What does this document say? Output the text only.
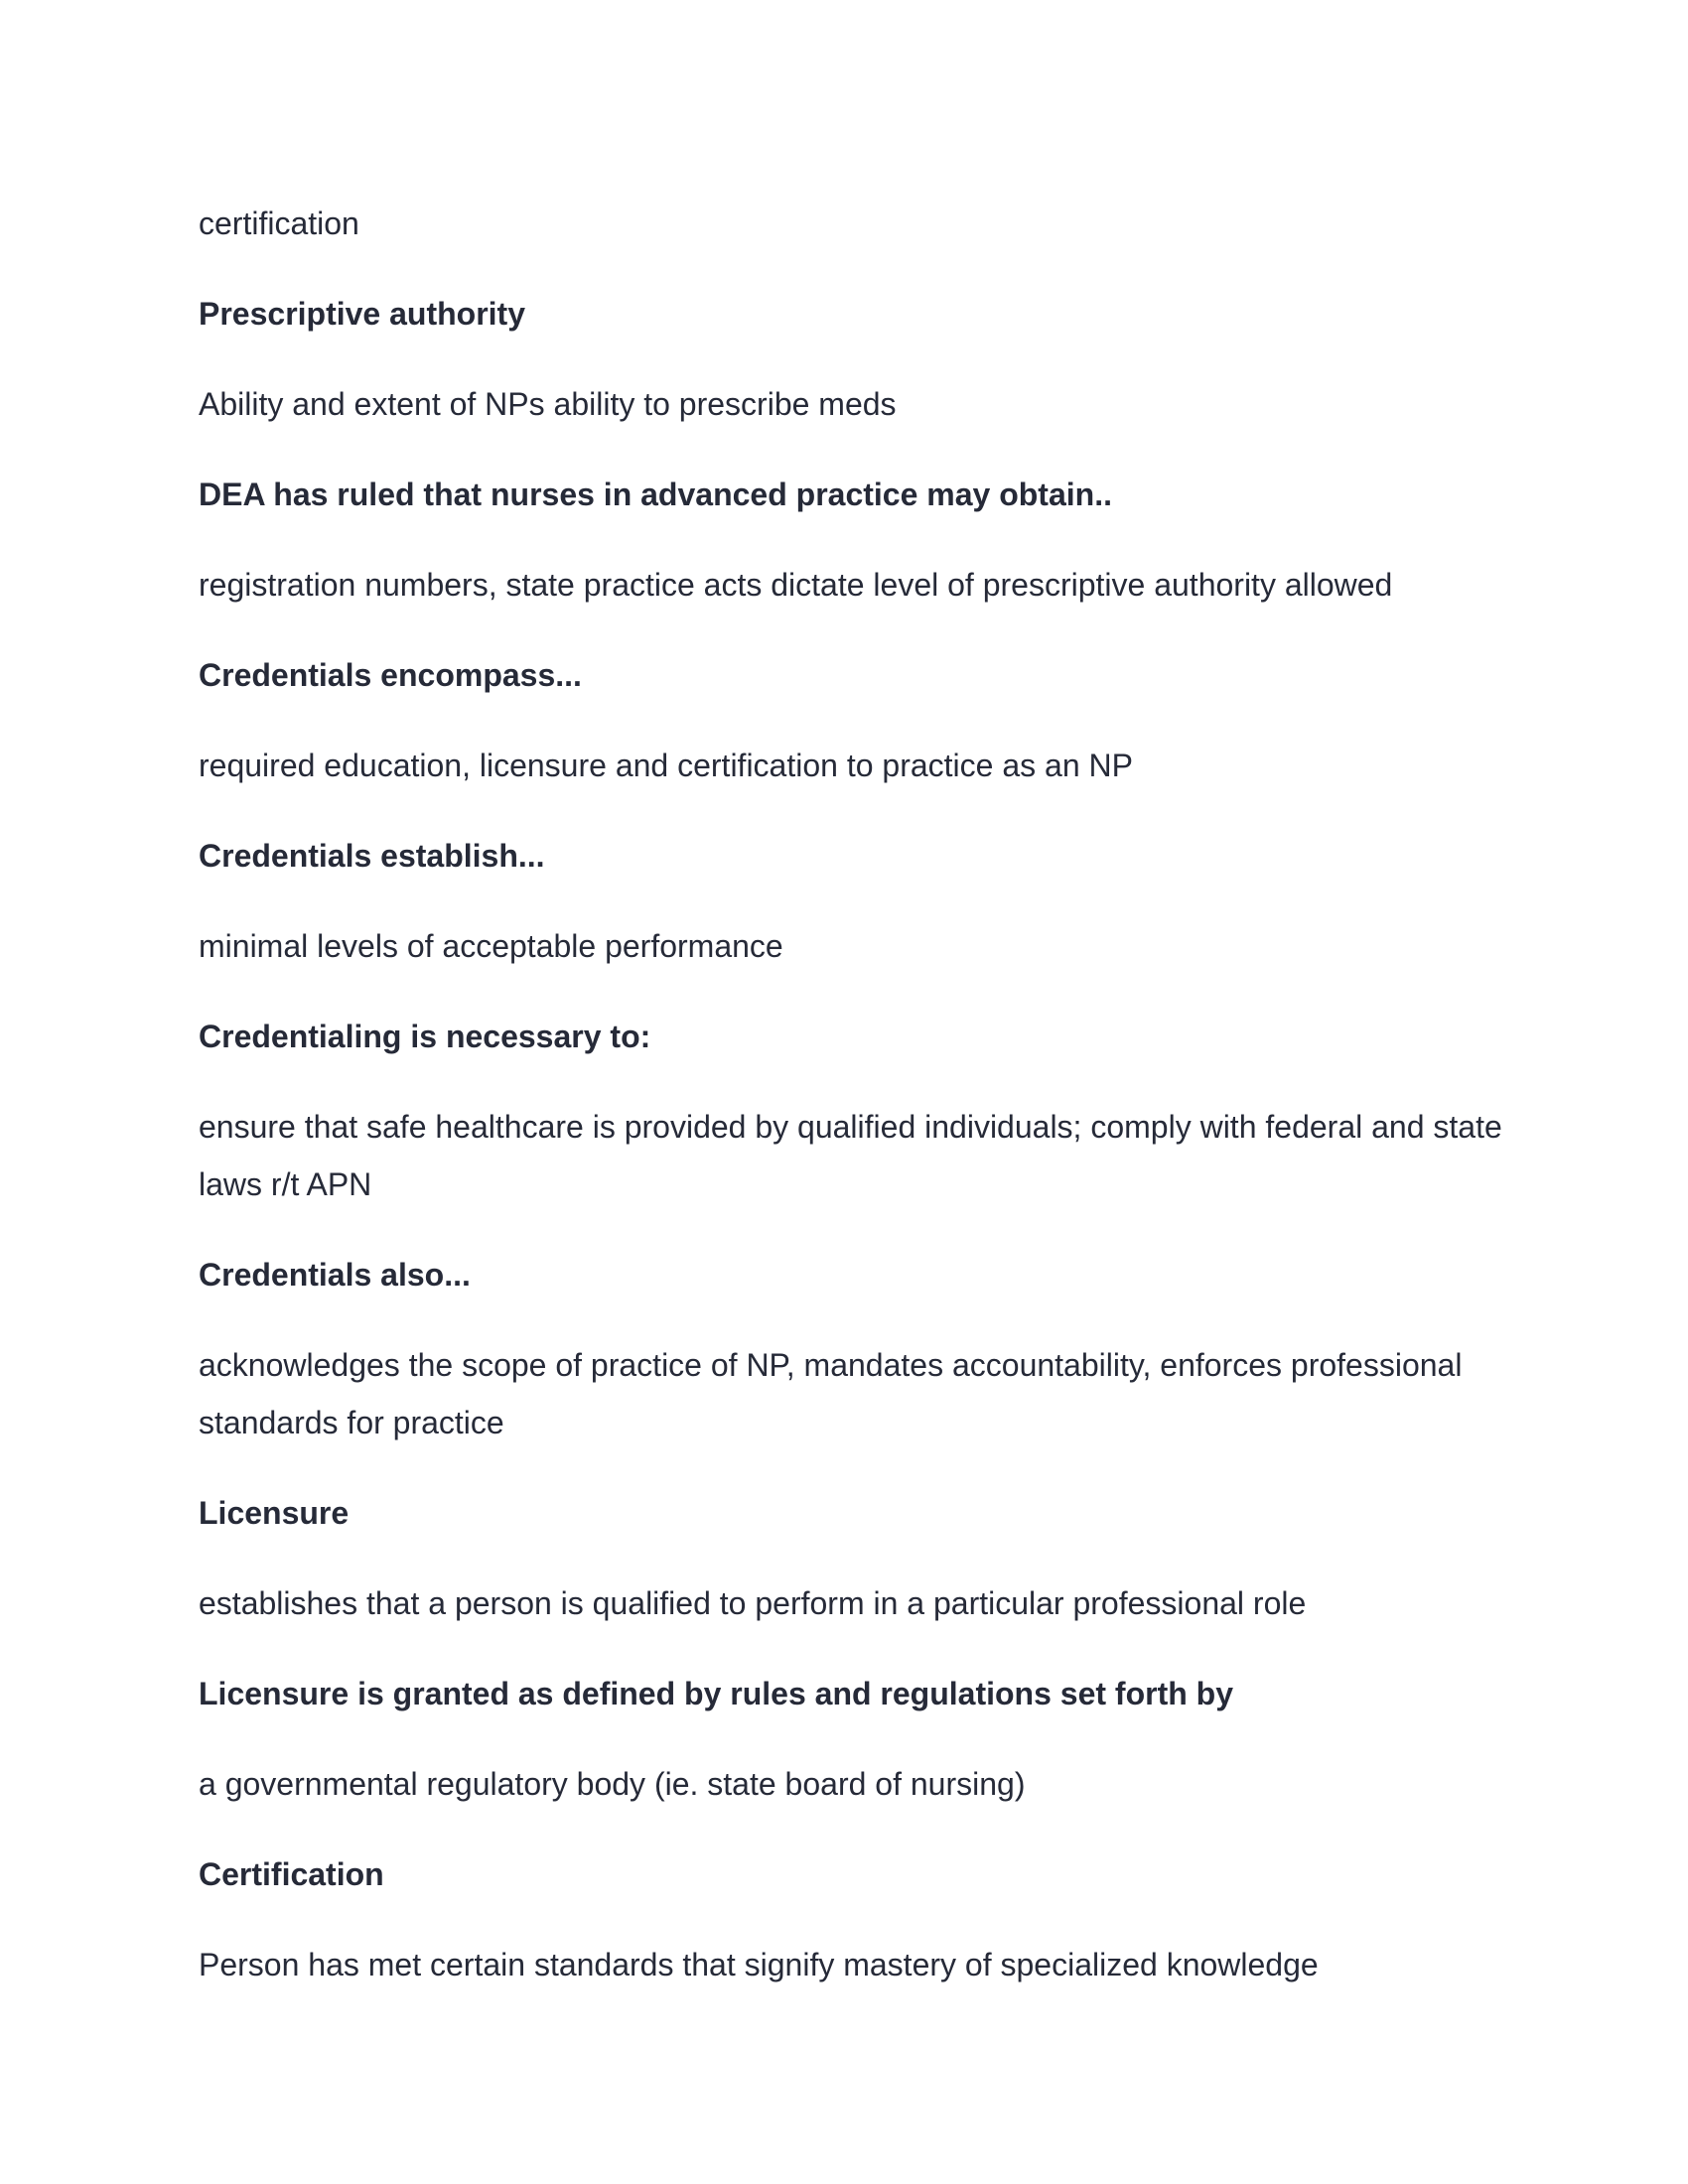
certification

Prescriptive authority

Ability and extent of NPs ability to prescribe meds

DEA has ruled that nurses in advanced practice may obtain..

registration numbers, state practice acts dictate level of prescriptive authority allowed

Credentials encompass...

required education, licensure and certification to practice as an NP

Credentials establish...

minimal levels of acceptable performance

Credentialing is necessary to:

ensure that safe healthcare is provided by qualified individuals; comply with federal and state laws r/t APN

Credentials also...

acknowledges the scope of practice of NP, mandates accountability, enforces professional standards for practice

Licensure

establishes that a person is qualified to perform in a particular professional role

Licensure is granted as defined by rules and regulations set forth by

a governmental regulatory body (ie. state board of nursing)

Certification

Person has met certain standards that signify mastery of specialized knowledge
